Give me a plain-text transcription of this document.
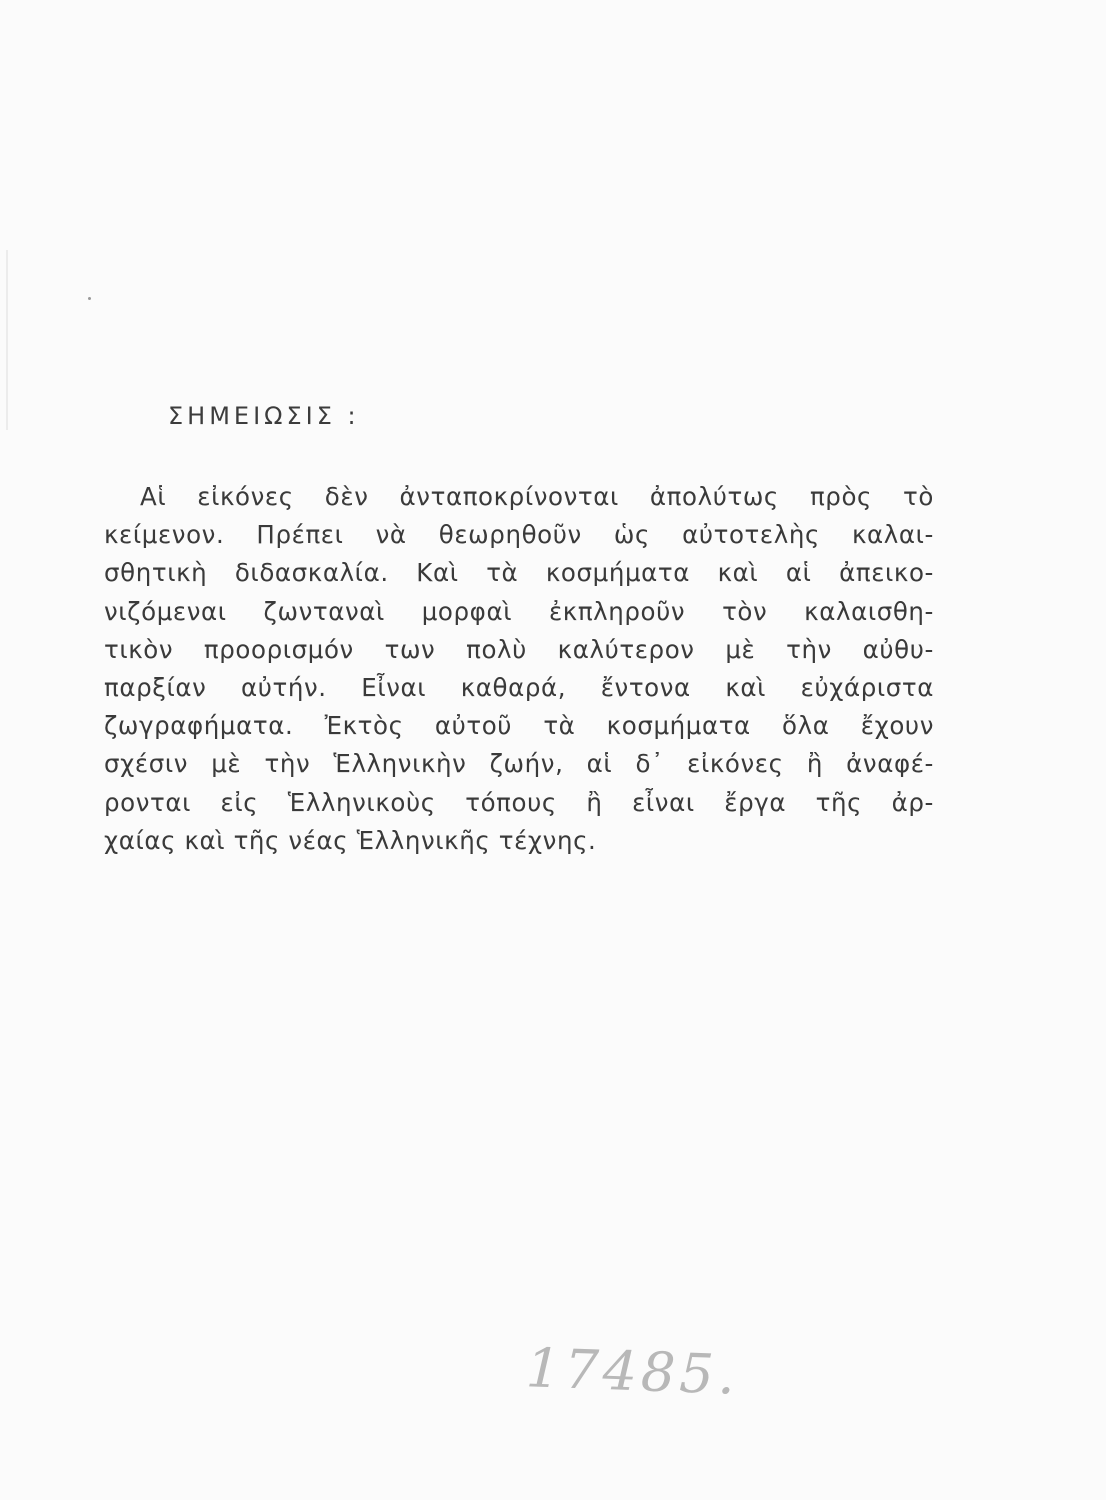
ΣΗΜΕΙΩΣΙΣ :
Αἱ εἰκόνες δὲν ἀνταποκρίνονται ἀπολύτως πρὸς τὸ
κείμενον. Πρέπει νὰ θεωρηθοῦν ὡς αὐτοτελὴς καλαι-
σθητικὴ διδασκαλία. Καὶ τὰ κοσμήματα καὶ αἱ ἀπεικο-
νιζόμεναι ζωνταναὶ μορφαὶ ἐκπληροῦν τὸν καλαισθη-
τικὸν προορισμόν των πολὺ καλύτερον μὲ τὴν αὐθυ-
παρξίαν αὐτήν. Εἶναι καθαρά, ἔντονα καὶ εὐχάριστα
ζωγραφήματα. Ἐκτὸς αὐτοῦ τὰ κοσμήματα ὅλα ἔχουν
σχέσιν μὲ τὴν Ἑλληνικὴν ζωήν, αἱ δ᾽ εἰκόνες ἢ ἀναφέ-
ρονται εἰς Ἑλληνικοὺς τόπους ἢ εἶναι ἔργα τῆς ἀρ-
χαίας καὶ τῆς νέας Ἑλληνικῆς τέχνης.
17485.
